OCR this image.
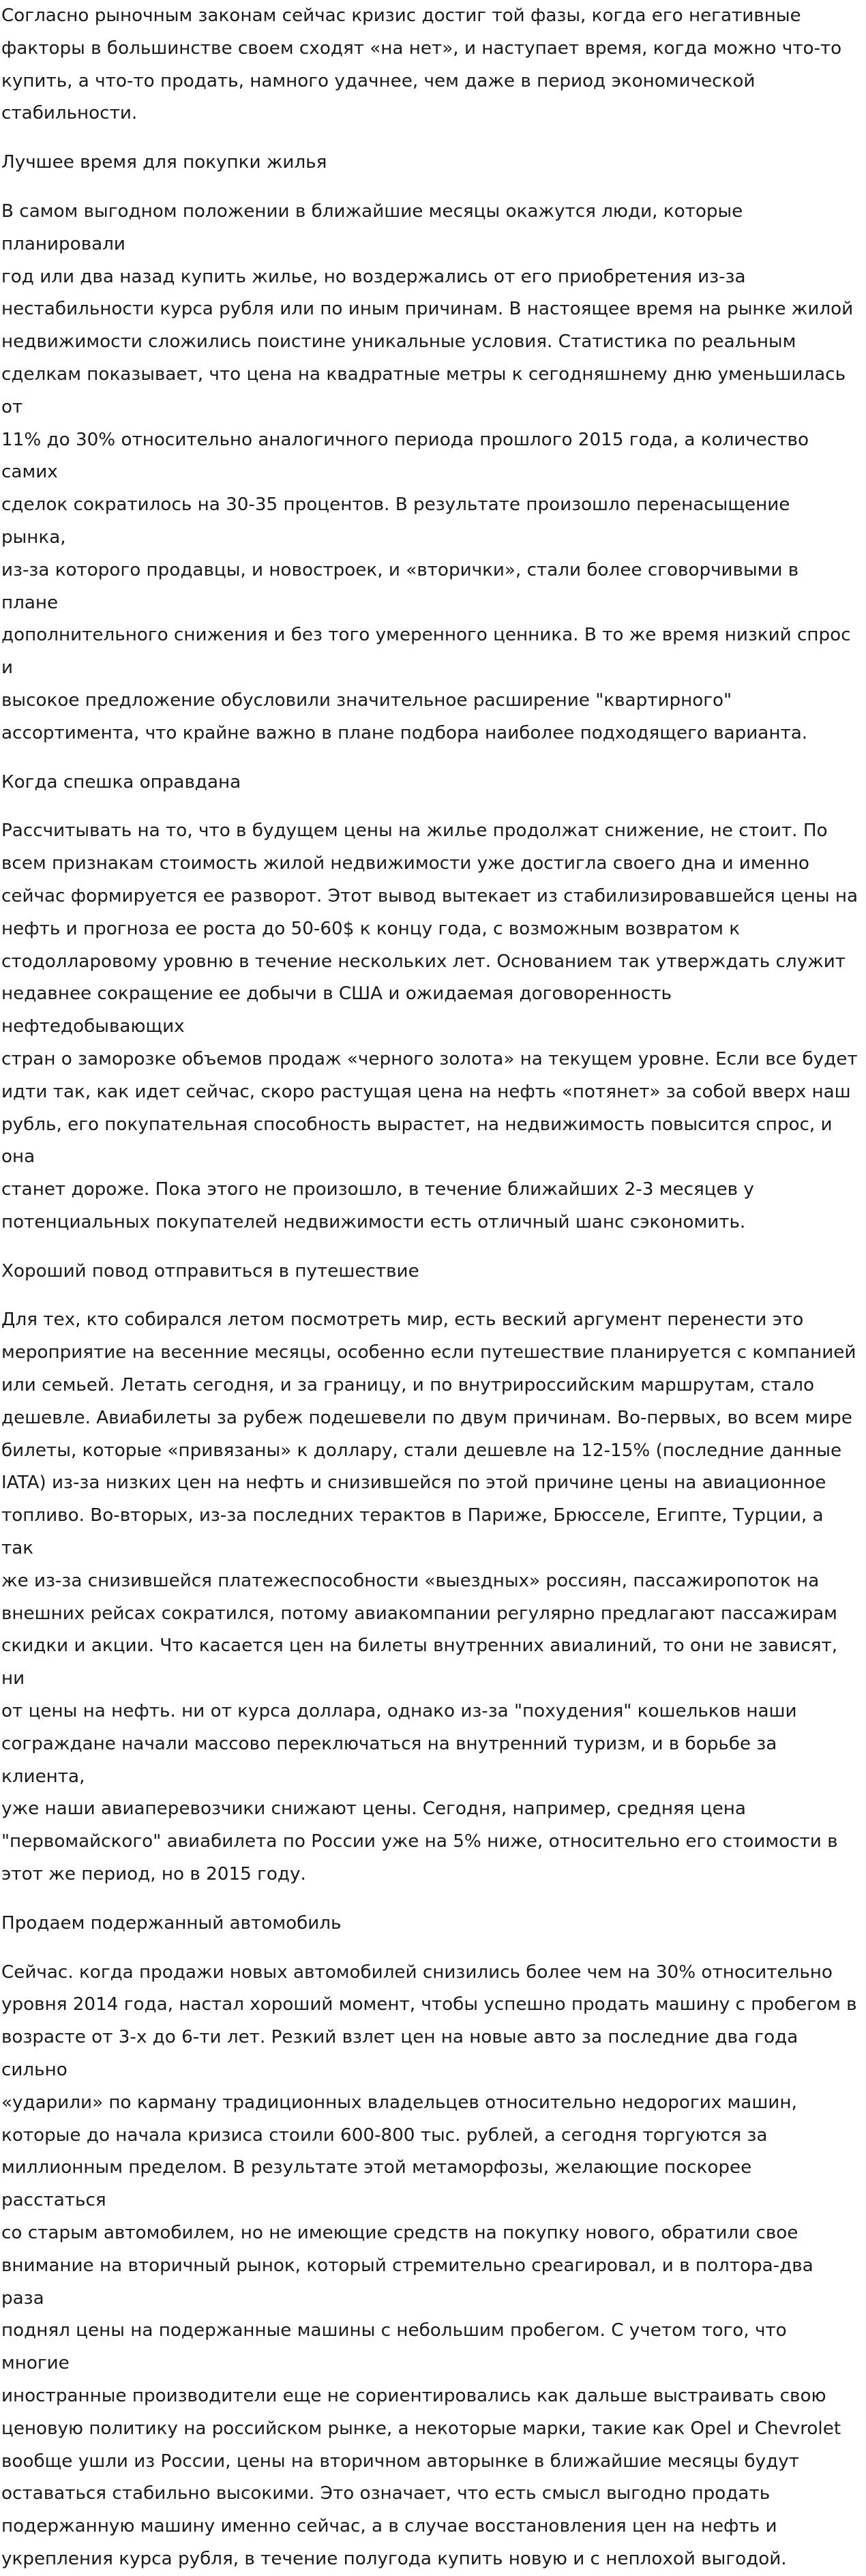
Согласно рыночным законам сейчас кризис достиг той фазы, когда его негативные
факторы в большинстве своем сходят «на нет», и наступает время, когда можно что-то
купить, а что-то продать, намного удачнее, чем даже в период экономической
стабильности.

Лучшее время для покупки жилья

В самом выгодном положении в ближайшие месяцы окажутся люди, которые планировали
год или два назад купить жилье, но воздержались от его приобретения из-за
нестабильности курса рубля или по иным причинам. В настоящее время на рынке жилой
недвижимости сложились поистине уникальные условия. Статистика по реальным
сделкам показывает, что цена на квадратные метры к сегодняшнему дню уменьшилась от
11% до 30% относительно аналогичного периода прошлого 2015 года, а количество самих
сделок сократилось на 30-35 процентов. В результате произошло перенасыщение рынка,
из-за которого продавцы, и новостроек, и «вторички», стали более сговорчивыми в плане
дополнительного снижения и без того умеренного ценника. В то же время низкий спрос и
высокое предложение обусловили значительное расширение "квартирного"
ассортимента, что крайне важно в плане подбора наиболее подходящего варианта.

Когда спешка оправдана

Рассчитывать на то, что в будущем цены на жилье продолжат снижение, не стоит. По
всем признакам стоимость жилой недвижимости уже достигла своего дна и именно
сейчас формируется ее разворот. Этот вывод вытекает из стабилизировавшейся цены на
нефть и прогноза ее роста до 50-60$ к концу года, с возможным возвратом к
стодолларовому уровню в течение нескольких лет. Основанием так утверждать служит
недавнее сокращение ее добычи в США и ожидаемая договоренность нефтедобывающих
стран о заморозке объемов продаж «черного золота» на текущем уровне. Если все будет
идти так, как идет сейчас, скоро растущая цена на нефть «потянет» за собой вверх наш
рубль, его покупательная способность вырастет, на недвижимость повысится спрос, и она
станет дороже. Пока этого не произошло, в течение ближайших 2-3 месяцев у
потенциальных покупателей недвижимости есть отличный шанс сэкономить.

Хороший повод отправиться в путешествие

Для тех, кто собирался летом посмотреть мир, есть веский аргумент перенести это
мероприятие на весенние месяцы, особенно если путешествие планируется с компанией
или семьей. Летать сегодня, и за границу, и по внутрироссийским маршрутам, стало
дешевле. Авиабилеты за рубеж подешевели по двум причинам. Во-первых, во всем мире
билеты, которые «привязаны» к доллару, стали дешевле на 12-15% (последние данные
IATA) из-за низких цен на нефть и снизившейся по этой причине цены на авиационное
топливо. Во-вторых, из-за последних терактов в Париже, Брюсселе, Египте, Турции, а так
же из-за снизившейся платежеспособности «выездных» россиян, пассажиропоток на
внешних рейсах сократился, потому авиакомпании регулярно предлагают пассажирам
скидки и акции. Что касается цен на билеты внутренних авиалиний, то они не зависят, ни
от цены на нефть. ни от курса доллара, однако из-за "похудения" кошельков наши
сограждане начали массово переключаться на внутренний туризм, и в борьбе за клиента,
уже наши авиаперевозчики снижают цены. Сегодня, например, средняя цена
"первомайского" авиабилета по России уже на 5% ниже, относительно его стоимости в
этот же период, но в 2015 году.

Продаем подержанный автомобиль

Сейчас. когда продажи новых автомобилей снизились более чем на 30% относительно
уровня 2014 года, настал хороший момент, чтобы успешно продать машину с пробегом в
возрасте от 3-х до 6-ти лет. Резкий взлет цен на новые авто за последние два года сильно
«ударили» по карману традиционных владельцев относительно недорогих машин,
которые до начала кризиса стоили 600-800 тыс. рублей, а сегодня торгуются за
миллионным пределом. В результате этой метаморфозы, желающие поскорее расстаться
со старым автомобилем, но не имеющие средств на покупку нового, обратили свое
внимание на вторичный рынок, который стремительно среагировал, и в полтора-два раза
поднял цены на подержанные машины с небольшим пробегом. С учетом того, что многие
иностранные производители еще не сориентировались как дальше выстраивать свою
ценовую политику на российском рынке, а некоторые марки, такие как Opel и Chevrolet
вообще ушли из России, цены на вторичном авторынке в ближайшие месяцы будут
оставаться стабильно высокими. Это означает, что есть смысл выгодно продать
подержанную машину именно сейчас, а в случае восстановления цен на нефть и
укрепления курса рубля, в течение полугода купить новую и с неплохой выгодой.
